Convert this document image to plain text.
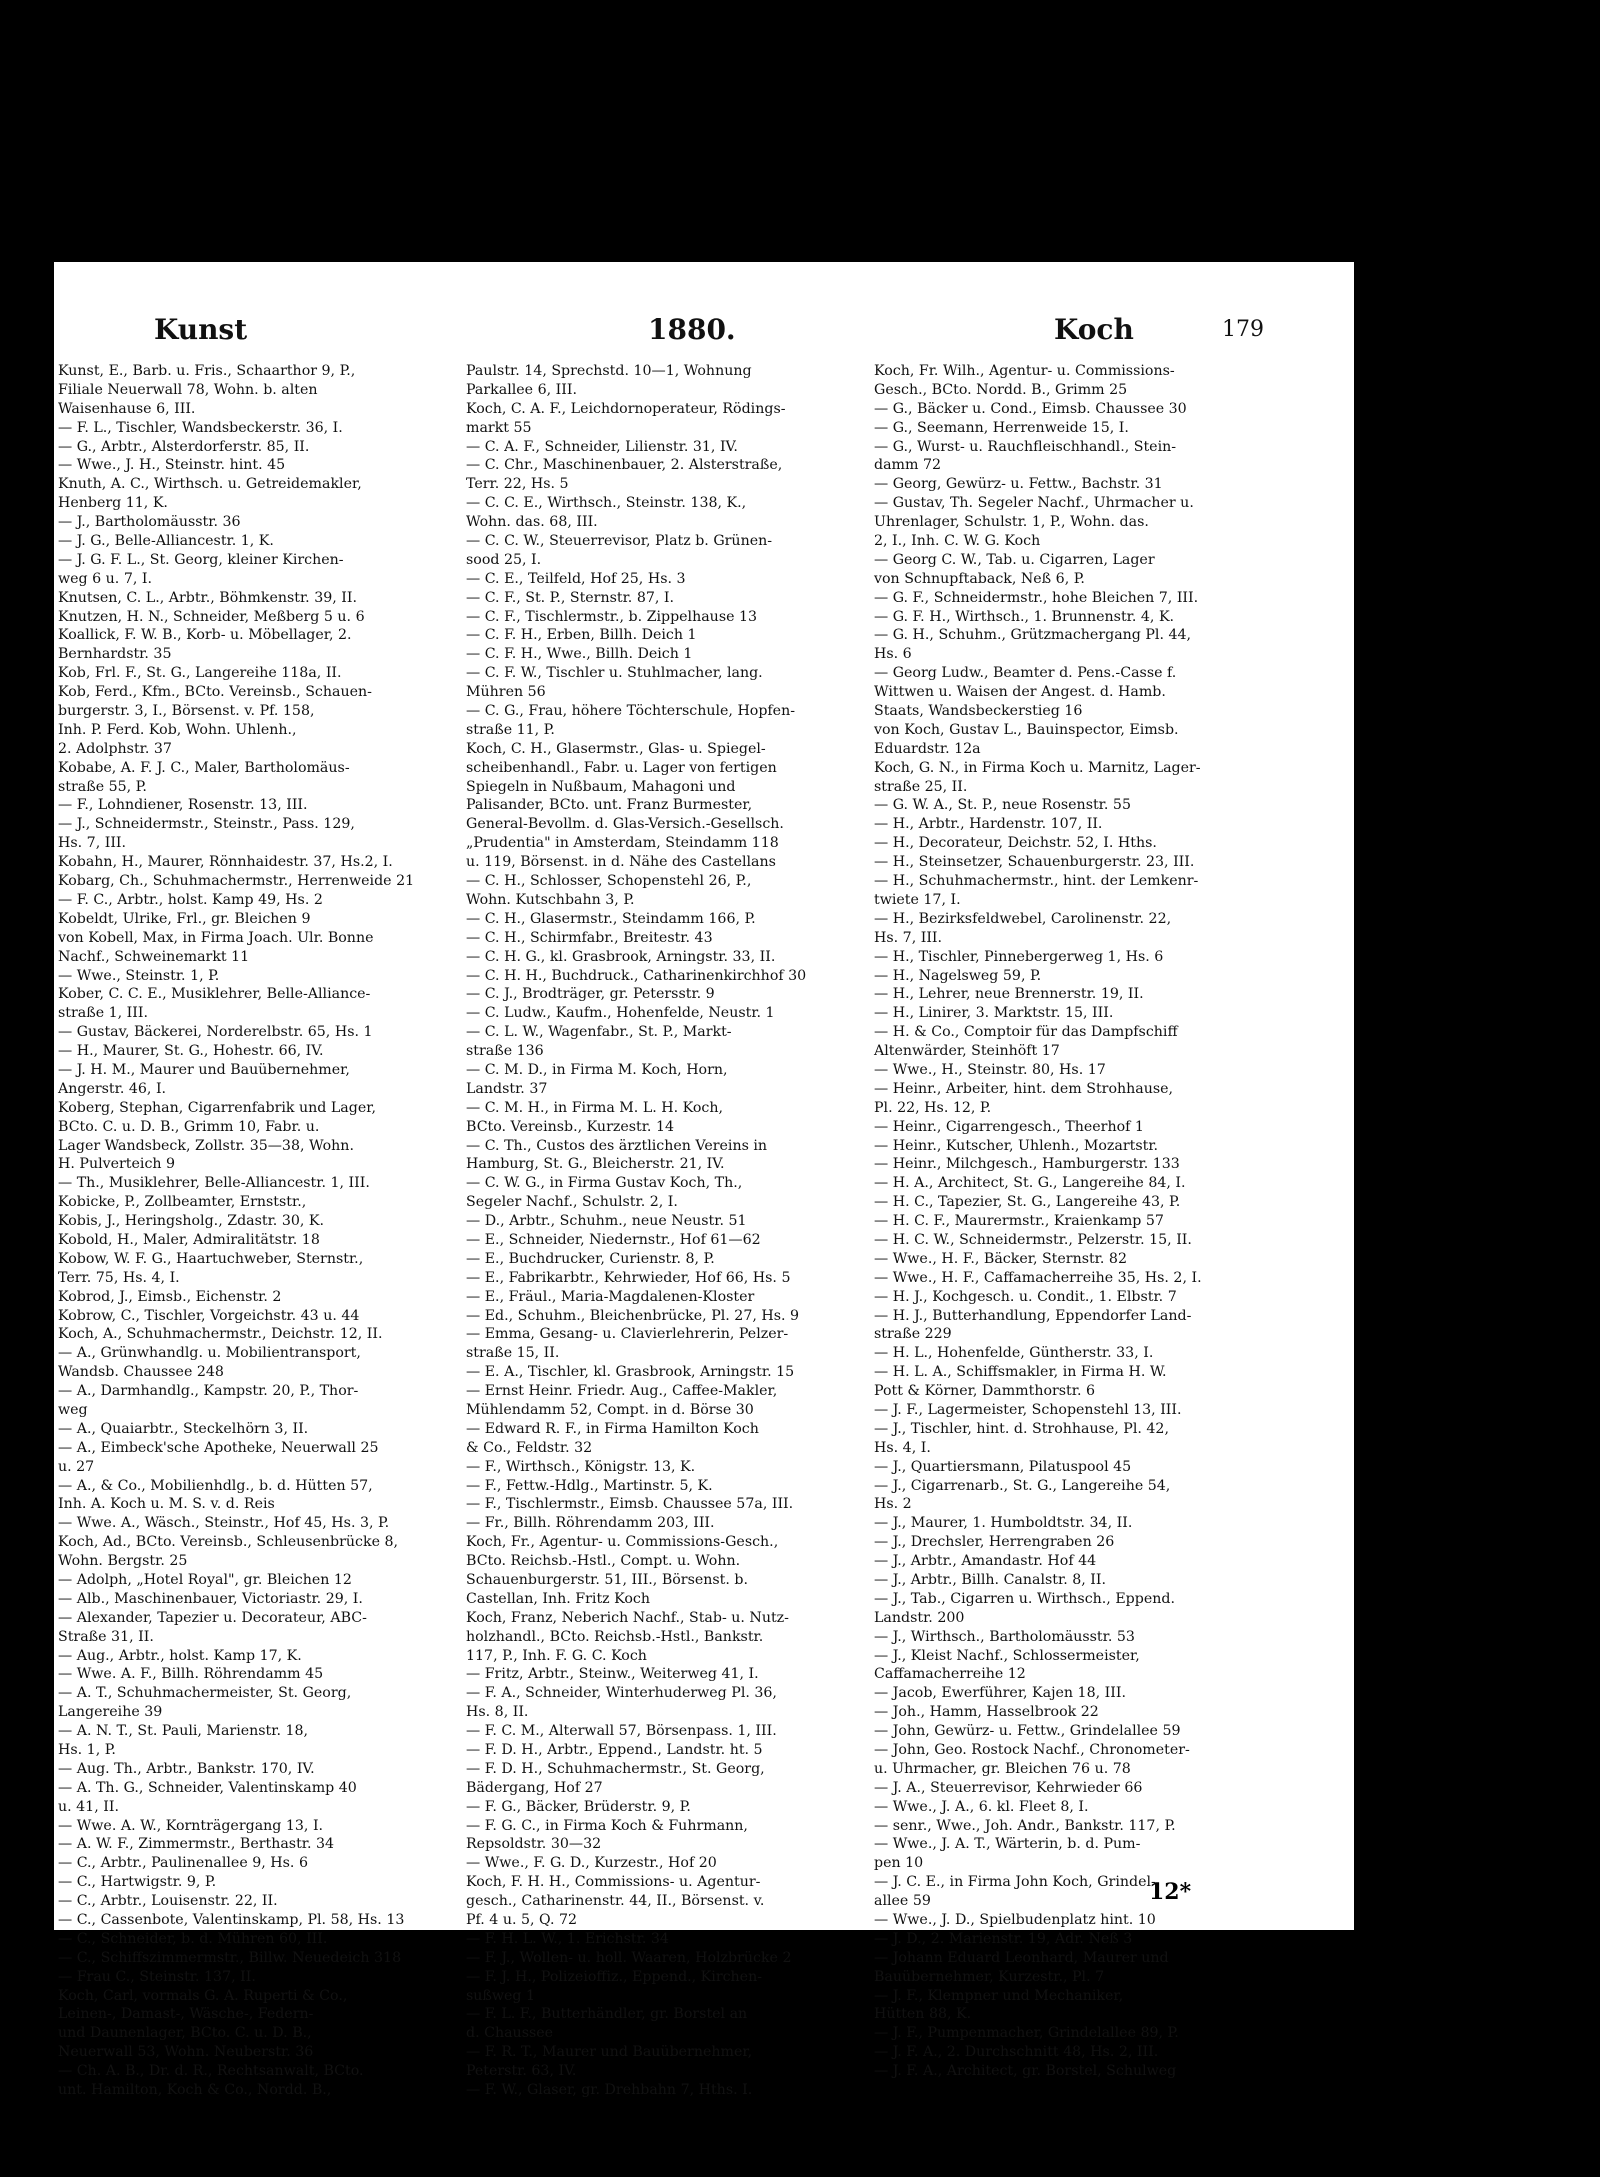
Kunst	1880.	Koch	179
Kunst, E., Barb. u. Fris., Schaarthor 9, P.,
Filiale Neuerwall 78, Wohn. b. alten
Waisenhause 6, III.
— F. L., Tischler, Wandsbeckerstr. 36, I.
— G., Arbtr., Alsterdorferstr. 85, II.
— Wwe., J. H., Steinstr. hint. 45
Knuth, A. C., Wirthsch. u. Getreidemakler,
Henberg 11, K.
— J., Bartholomäusstr. 36
— J. G., Belle-Alliancestr. 1, K.
— J. G. F. L., St. Georg, kleiner Kirchen-
weg 6 u. 7, I.
Knutsen, C. L., Arbtr., Böhmkenstr. 39, II.
Knutzen, H. N., Schneider, Meßberg 5 u. 6
Koallick, F. W. B., Korb- u. Möbellager, 2.
Bernhardstr. 35
Kob, Frl. F., St. G., Langereihe 118a, II.
Kob, Ferd., Kfm., BCto. Vereinsb., Schauen-
burgerstr. 3, I., Börsenst. v. Pf. 158,
Inh. P. Ferd. Kob, Wohn. Uhlenh.,
2. Adolphstr. 37
Kobabe, A. F. J. C., Maler, Bartholomäus-
straße 55, P.
— F., Lohndiener, Rosenstr. 13, III.
— J., Schneidermstr., Steinstr., Pass. 129,
Hs. 7, III.
Kobahn, H., Maurer, Rönnhaidestr. 37, Hs.2, I.
Kobarg, Ch., Schuhmachermstr., Herrenweide 21
— F. C., Arbtr., holst. Kamp 49, Hs. 2
Kobeldt, Ulrike, Frl., gr. Bleichen 9
von Kobell, Max, in Firma Joach. Ulr. Bonne
Nachf., Schweinemarkt 11
— Wwe., Steinstr. 1, P.
Kober, C. C. E., Musiklehrer, Belle-Alliance-
straße 1, III.
— Gustav, Bäckerei, Norderelbstr. 65, Hs. 1
— H., Maurer, St. G., Hohestr. 66, IV.
— J. H. M., Maurer und Bauübernehmer,
Angerstr. 46, I.
Koberg, Stephan, Cigarrenfabrik und Lager,
BCto. C. u. D. B., Grimm 10, Fabr. u.
Lager Wandsbeck, Zollstr. 35—38, Wohn.
H. Pulverteich 9
— Th., Musiklehrer, Belle-Alliancestr. 1, III.
Kobicke, P., Zollbeamter, Ernststr.,
Kobis, J., Heringsholg., Zdastr. 30, K.
Kobold, H., Maler, Admiralitätstr. 18
Kobow, W. F. G., Haartuchweber, Sternstr.,
Terr. 75, Hs. 4, I.
Kobrod, J., Eimsb., Eichenstr. 2
Kobrow, C., Tischler, Vorgeichstr. 43 u. 44
Koch, A., Schuhmachermstr., Deichstr. 12, II.
— A., Grünwhandlg. u. Mobilientransport,
Wandsb. Chaussee 248
— A., Darmhandlg., Kampstr. 20, P., Thor-
weg
— A., Quaiarbtr., Steckelhörn 3, II.
— A., Eimbeck'sche Apotheke, Neuerwall 25
u. 27
— A., & Co., Mobilienhdlg., b. d. Hütten 57,
Inh. A. Koch u. M. S. v. d. Reis
— Wwe. A., Wäsch., Steinstr., Hof 45, Hs. 3, P.
Koch, Ad., BCto. Vereinsb., Schleusenbrücke 8,
Wohn. Bergstr. 25
— Adolph, „Hotel Royal", gr. Bleichen 12
— Alb., Maschinenbauer, Victoriastr. 29, I.
— Alexander, Tapezier u. Decorateur, ABC-
Straße 31, II.
— Aug., Arbtr., holst. Kamp 17, K.
— Wwe. A. F., Billh. Röhrendamm 45
— A. T., Schuhmachermeister, St. Georg,
Langereihe 39
— A. N. T., St. Pauli, Marienstr. 18,
Hs. 1, P.
— Aug. Th., Arbtr., Bankstr. 170, IV.
— A. Th. G., Schneider, Valentinskamp 40
u. 41, II.
— Wwe. A. W., Kornträgergang 13, I.
— A. W. F., Zimmermstr., Berthastr. 34
— C., Arbtr., Paulinenallee 9, Hs. 6
— C., Hartwigstr. 9, P.
— C., Arbtr., Louisenstr. 22, II.
— C., Cassenbote, Valentinskamp, Pl. 58, Hs. 13
— C., Schneider, b. d. Mühren 60, III.
— C., Schiffszimmermstr., Billw. Neuedeich 318
— Frau C., Steinstr. 137, II.
Koch, Carl, vormals G. A. Ruperti & Co.,
Leinen-, Damast-, Wäsche-, Federn-
und Daunenlager, BCto. C. u. D. B.,
Neuerwall 53, Wohn. Neuberstr. 36
— Ch. A. B., Dr. d. R., Rechtsanwalt, BCto.
unt. Hamilton, Koch & Co., Nordd. B.,
Paulstr. 14, Sprechstd. 10—1, Wohnung
Parkallee 6, III.
Koch, C. A. F., Leichdornoperateur, Rödings-
markt 55
— C. A. F., Schneider, Lilienstr. 31, IV.
— C. Chr., Maschinenbauer, 2. Alsterstraße,
Terr. 22, Hs. 5
— C. C. E., Wirthsch., Steinstr. 138, K.,
Wohn. das. 68, III.
— C. C. W., Steuerrevisor, Platz b. Grünen-
sood 25, I.
— C. E., Teilfeld, Hof 25, Hs. 3
— C. F., St. P., Sternstr. 87, I.
— C. F., Tischlermstr., b. Zippelhause 13
— C. F. H., Erben, Billh. Deich 1
— C. F. H., Wwe., Billh. Deich 1
— C. F. W., Tischler u. Stuhlmacher, lang.
Mühren 56
— C. G., Frau, höhere Töchterschule, Hopfen-
straße 11, P.
Koch, C. H., Glasermstr., Glas- u. Spiegel-
scheibenhandl., Fabr. u. Lager von fertigen
Spiegeln in Nußbaum, Mahagoni und
Palisander, BCto. unt. Franz Burmester,
General-Bevollm. d. Glas-Versich.-Gesellsch.
„Prudentia" in Amsterdam, Steindamm 118
u. 119, Börsenst. in d. Nähe des Castellans
— C. H., Schlosser, Schopenstehl 26, P.,
Wohn. Kutschbahn 3, P.
— C. H., Glasermstr., Steindamm 166, P.
— C. H., Schirmfabr., Breitestr. 43
— C. H. G., kl. Grasbrook, Arningstr. 33, II.
— C. H. H., Buchdruck., Catharinenkirchhof 30
— C. J., Brodträger, gr. Petersstr. 9
— C. Ludw., Kaufm., Hohenfelde, Neustr. 1
— C. L. W., Wagenfabr., St. P., Markt-
straße 136
— C. M. D., in Firma M. Koch, Horn,
Landstr. 37
— C. M. H., in Firma M. L. H. Koch,
BCto. Vereinsb., Kurzestr. 14
— C. Th., Custos des ärztlichen Vereins in
Hamburg, St. G., Bleicherstr. 21, IV.
— C. W. G., in Firma Gustav Koch, Th.,
Segeler Nachf., Schulstr. 2, I.
— D., Arbtr., Schuhm., neue Neustr. 51
— E., Schneider, Niedernstr., Hof 61—62
— E., Buchdrucker, Curienstr. 8, P.
— E., Fabrikarbtr., Kehrwieder, Hof 66, Hs. 5
— E., Fräul., Maria-Magdalenen-Kloster
— Ed., Schuhm., Bleichenbrücke, Pl. 27, Hs. 9
— Emma, Gesang- u. Clavierlehrerin, Pelzer-
straße 15, II.
— E. A., Tischler, kl. Grasbrook, Arningstr. 15
— Ernst Heinr. Friedr. Aug., Caffee-Makler,
Mühlendamm 52, Compt. in d. Börse 30
— Edward R. F., in Firma Hamilton Koch
& Co., Feldstr. 32
— F., Wirthsch., Königstr. 13, K.
— F., Fettw.-Hdlg., Martinstr. 5, K.
— F., Tischlermstr., Eimsb. Chaussee 57a, III.
— Fr., Billh. Röhrendamm 203, III.
Koch, Fr., Agentur- u. Commissions-Gesch.,
BCto. Reichsb.-Hstl., Compt. u. Wohn.
Schauenburgerstr. 51, III., Börsenst. b.
Castellan, Inh. Fritz Koch
Koch, Franz, Neberich Nachf., Stab- u. Nutz-
holzhandl., BCto. Reichsb.-Hstl., Bankstr.
117, P., Inh. F. G. C. Koch
— Fritz, Arbtr., Steinw., Weiterweg 41, I.
— F. A., Schneider, Winterhuderweg Pl. 36,
Hs. 8, II.
— F. C. M., Alterwall 57, Börsenpass. 1, III.
— F. D. H., Arbtr., Eppend., Landstr. ht. 5
— F. D. H., Schuhmachermstr., St. Georg,
Bädergang, Hof 27
— F. G., Bäcker, Brüderstr. 9, P.
— F. G. C., in Firma Koch & Fuhrmann,
Repsoldstr. 30—32
— Wwe., F. G. D., Kurzestr., Hof 20
Koch, F. H. H., Commissions- u. Agentur-
gesch., Catharinenstr. 44, II., Börsenst. v.
Pf. 4 u. 5, Q. 72
— F. H. L. W., 1. Erichstr. 34
— F. J., Wollen- u. holl. Waaren, Holzbrücke 2
— F. J. H., Polizeioffiz., Eppend., Kirchen-
sußweg 1
— F. L. F., Butterhändler, gr. Borstel an
d. Chaussee
— F. R. T., Maurer und Bauübernehmer,
Peterstr. 63, IV.
— F. W., Glaser, gr. Drehbahn 7, Hths. I.
Koch, Fr. Wilh., Agentur- u. Commissions-
Gesch., BCto. Nordd. B., Grimm 25
— G., Bäcker u. Cond., Eimsb. Chaussee 30
— G., Seemann, Herrenweide 15, I.
— G., Wurst- u. Rauchfleischhandl., Stein-
damm 72
— Georg, Gewürz- u. Fettw., Bachstr. 31
— Gustav, Th. Segeler Nachf., Uhrmacher u.
Uhrenlager, Schulstr. 1, P., Wohn. das.
2, I., Inh. C. W. G. Koch
— Georg C. W., Tab. u. Cigarren, Lager
von Schnupftaback, Neß 6, P.
— G. F., Schneidermstr., hohe Bleichen 7, III.
— G. F. H., Wirthsch., 1. Brunnenstr. 4, K.
— G. H., Schuhm., Grützmachergang Pl. 44,
Hs. 6
— Georg Ludw., Beamter d. Pens.-Casse f.
Wittwen u. Waisen der Angest. d. Hamb.
Staats, Wandsbeckerstieg 16
von Koch, Gustav L., Bauinspector, Eimsb.
Eduardstr. 12a
Koch, G. N., in Firma Koch u. Marnitz, Lager-
straße 25, II.
— G. W. A., St. P., neue Rosenstr. 55
— H., Arbtr., Hardenstr. 107, II.
— H., Decorateur, Deichstr. 52, I. Hths.
— H., Steinsetzer, Schauenburgerstr. 23, III.
— H., Schuhmachermstr., hint. der Lemkenr-
twiete 17, I.
— H., Bezirksfeldwebel, Carolinenstr. 22,
Hs. 7, III.
— H., Tischler, Pinnebergerweg 1, Hs. 6
— H., Nagelsweg 59, P.
— H., Lehrer, neue Brennerstr. 19, II.
— H., Linirer, 3. Marktstr. 15, III.
— H. & Co., Comptoir für das Dampfschiff
Altenwärder, Steinhöft 17
— Wwe., H., Steinstr. 80, Hs. 17
— Heinr., Arbeiter, hint. dem Strohhause,
Pl. 22, Hs. 12, P.
— Heinr., Cigarrengesch., Theerhof 1
— Heinr., Kutscher, Uhlenh., Mozartstr.
— Heinr., Milchgesch., Hamburgerstr. 133
— H. A., Architect, St. G., Langereihe 84, I.
— H. C., Tapezier, St. G., Langereihe 43, P.
— H. C. F., Maurermstr., Kraienkamp 57
— H. C. W., Schneidermstr., Pelzerstr. 15, II.
— Wwe., H. F., Bäcker, Sternstr. 82
— Wwe., H. F., Caffamacherreihe 35, Hs. 2, I.
— H. J., Kochgesch. u. Condit., 1. Elbstr. 7
— H. J., Butterhandlung, Eppendorfer Land-
straße 229
— H. L., Hohenfelde, Güntherstr. 33, I.
— H. L. A., Schiffsmakler, in Firma H. W.
Pott & Körner, Dammthorstr. 6
— J. F., Lagermeister, Schopenstehl 13, III.
— J., Tischler, hint. d. Strohhause, Pl. 42,
Hs. 4, I.
— J., Quartiersmann, Pilatuspool 45
— J., Cigarrenarb., St. G., Langereihe 54,
Hs. 2
— J., Maurer, 1. Humboldtstr. 34, II.
— J., Drechsler, Herrengraben 26
— J., Arbtr., Amandastr. Hof 44
— J., Arbtr., Billh. Canalstr. 8, II.
— J., Tab., Cigarren u. Wirthsch., Eppend.
Landstr. 200
— J., Wirthsch., Bartholomäusstr. 53
— J., Kleist Nachf., Schlossermeister,
Caffamacherreihe 12
— Jacob, Ewerführer, Kajen 18, III.
— Joh., Hamm, Hasselbrook 22
— John, Gewürz- u. Fettw., Grindelallee 59
— John, Geo. Rostock Nachf., Chronometer-
u. Uhrmacher, gr. Bleichen 76 u. 78
— J. A., Steuerrevisor, Kehrwieder 66
— Wwe., J. A., 6. kl. Fleet 8, I.
— senr., Wwe., Joh. Andr., Bankstr. 117, P.
— Wwe., J. A. T., Wärterin, b. d. Pum-
pen 10
— J. C. E., in Firma John Koch, Grindel-
allee 59
— Wwe., J. D., Spielbudenplatz hint. 10
— J. D., 2. Marienstr. 19, Adr. Neß 3
— Johann Eduard Leonhard, Maurer und
Bauübernehmer, Kurzestr., Pl. 7
— J. F., Klempner und Mechaniker,
Hütten 88, K.
— J. F., Pumpenmacher, Grindelallee 89, P.
— J. F. A., 2. Durchschnitt 48, Hs. 2, III.
— J. F. A., Architect, gr. Borstel, Schulweg
12*
